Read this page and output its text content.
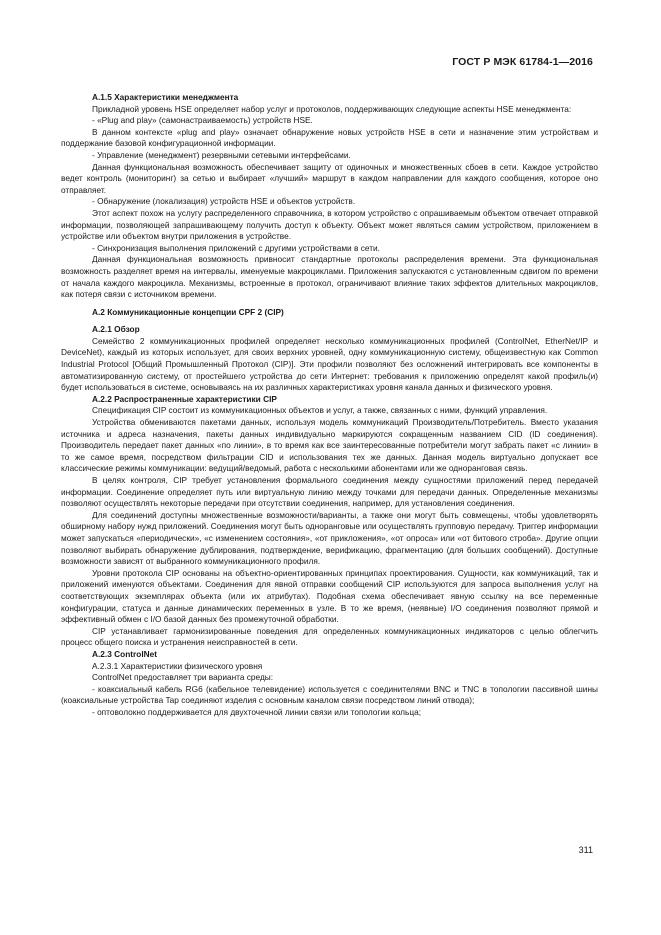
ГОСТ Р МЭК 61784-1—2016

А.1.5 Характеристики менеджмента

Прикладной уровень HSE определяет набор услуг и протоколов, поддерживающих следующие аспекты HSE менеджмента:

- «Plug and play» (самонастраиваемость) устройств HSE.

В данном контексте «plug and play» означает обнаружение новых устройств HSE в сети и назначение этим устройствам и поддержание базовой конфигурационной информации.

- Управление (менеджмент) резервными сетевыми интерфейсами.

Данная функциональная возможность обеспечивает защиту от одиночных и множественных сбоев в сети. Каждое устройство ведет контроль (мониторинг) за сетью и выбирает «лучший» маршрут в каждом направлении для каждого сообщения, которое оно отправляет.

- Обнаружение (локализация) устройств HSE и объектов устройств.

Этот аспект похож на услугу распределенного справочника, в котором устройство с опрашиваемым объектом отвечает отправкой информации, позволяющей запрашивающему получить доступ к объекту. Объект может являться самим устройством, приложением в устройстве или объектом внутри приложения в устройстве.

- Синхронизация выполнения приложений с другими устройствами в сети.

Данная функциональная возможность привносит стандартные протоколы распределения времени. Эта функциональная возможность разделяет время на интервалы, именуемые макроциклами. Приложения запускаются с установленным сдвигом по времени от начала каждого макроцикла. Механизмы, встроенные в протокол, ограничивают влияние таких эффектов длительных макроциклов, как потеря связи с источником времени.

А.2 Коммуникационные концепции CPF 2 (CIP)

А.2.1 Обзор

Семейство 2 коммуникационных профилей определяет несколько коммуникационных профилей (ControlNet, EtherNet/IP и DeviceNet), каждый из которых использует, для своих верхних уровней, одну коммуникационную систему, общеизвестную как Common Industrial Protocol [Общий Промышленный Протокол (CIP)]. Эти профили позволяют без осложнений интегрировать все компоненты в автоматизированную систему, от простейшего устройства до сети Интернет: требования к приложению определят какой профиль(и) будет использоваться в системе, основываясь на их различных характеристиках уровня канала данных и физического уровня.

А.2.2 Распространенные характеристики CIP

Спецификация CIP состоит из коммуникационных объектов и услуг, а также, связанных с ними, функций управления.

Устройства обмениваются пакетами данных, используя модель коммуникаций Производитель/Потребитель. Вместо указания источника и адреса назначения, пакеты данных индивидуально маркируются сокращенным названием CID (ID соединения). Производитель передает пакет данных «по линии», в то время как все заинтересованные потребители могут забрать пакет «с линии» в то же самое время, посредством фильтрации CID и использования тех же данных. Данная модель виртуально допускает все классические режимы коммуникации: ведущий/ведомый, работа с несколькими абонентами или же одноранговая связь.

В целях контроля, CIP требует установления формального соединения между сущностями приложений перед передачей информации. Соединение определяет путь или виртуальную линию между точками для передачи данных. Определенные механизмы позволяют осуществлять некоторые передачи при отсутствии соединения, например, для установления соединения.

Для соединений доступны множественные возможности/варианты, а также они могут быть совмещены, чтобы удовлетворять обширному набору нужд приложений. Соединения могут быть одноранговые или осуществлять групповую передачу. Триггер информации может запускаться «периодически», «с изменением состояния», «от прикложения», «от опроса» или «от битового строба». Другие опции позволяют выбирать обнаружение дублирования, подтверждение, верификацию, фрагментацию (для больших сообщений). Доступные возможности зависят от выбранного коммуникационного профиля.

Уровни протокола CIP основаны на объектно-ориентированных принципах проектирования. Сущности, как коммуникаций, так и приложений именуются объектами. Соединения для явной отправки сообщений CIP используются для запроса выполнения услуг на соответствующих экземплярах объекта (или их атрибутах). Подобная схема обеспечивает явную ссылку на все переменные конфигурации, статуса и данные динамических переменных в узле. В то же время, (неявные) I/O соединения позволяют прямой и эффективный обмен с I/O базой данных без промежуточной обработки.

CIP устанавливает гармонизированные поведения для определенных коммуникационных индикаторов с целью облегчить процесс общего поиска и устранения неисправностей в сети.

А.2.3 ControlNet

А.2.3.1 Характеристики физического уровня

ControlNet предоставляет три варианта среды:

- коаксиальный кабель RG6 (кабельное телевидение) используется с соединителями BNC и TNC в топологии пассивной шины (коаксиальные устройства Tap соединяют изделия с основным каналом связи посредством линий отвода);

- оптоволокно поддерживается для двухточечной линии связи или топологии кольца;

311
